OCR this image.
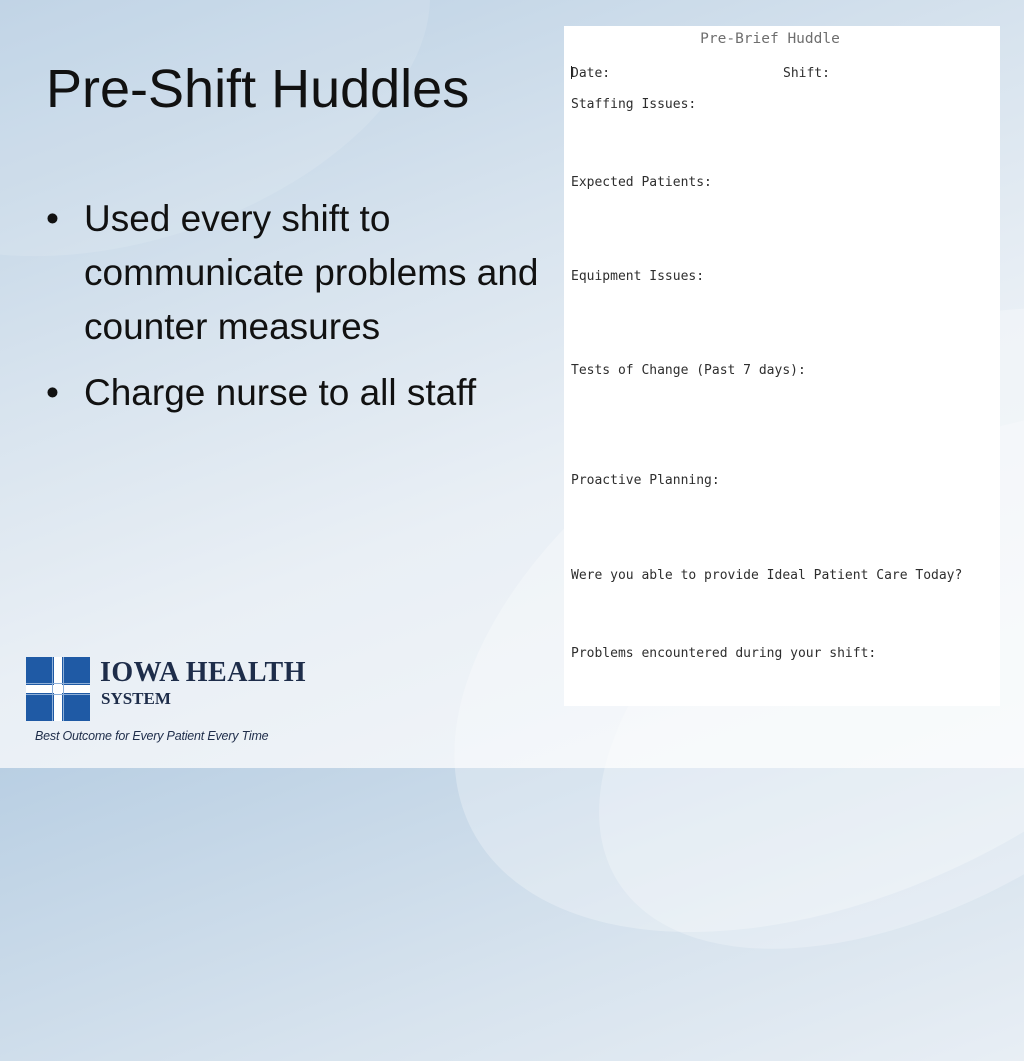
Pre-Shift Huddles
• Used every shift to communicate problems and counter measures
• Charge nurse to all staff
Pre-Brief Huddle
Date:	Shift:
Staffing Issues:
Expected Patients:
Equipment Issues:
Tests of Change (Past 7 days):
Proactive Planning:
Were you able to provide Ideal Patient Care Today?
Problems encountered during your shift:
IOWA HEALTH
SYSTEM
Best Outcome for Every Patient Every Time
